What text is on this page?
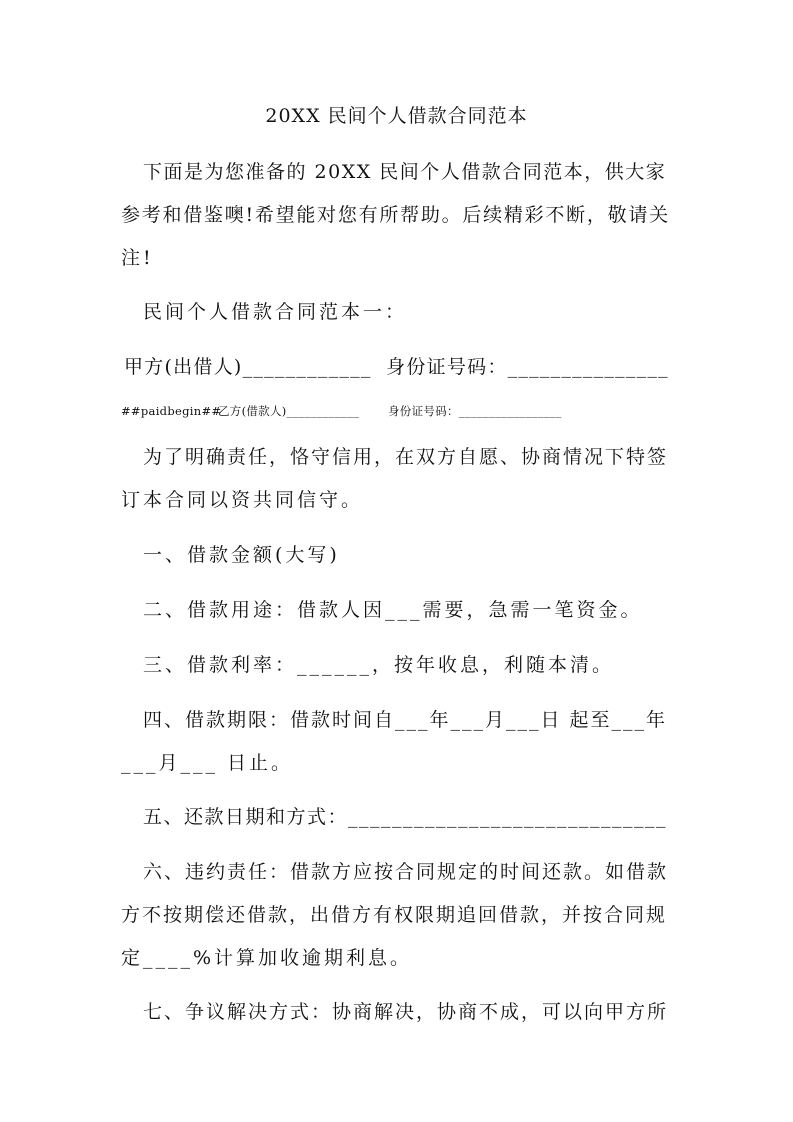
20XX 民间个人借款合同范本
下面是为您准备的 20XX 民间个人借款合同范本，供大家
参考和借鉴噢!希望能对您有所帮助。后续精彩不断，敬请关
注!
民间个人借款合同范本一：
甲方(出借人)____________  身份证号码：_______________
##paidbegin##
乙方(借款人)____________	身份证号码：_________________
为了明确责任，恪守信用，在双方自愿、协商情况下特签
订本合同以资共同信守。
一、借款金额(大写)
二、借款用途：借款人因___需要，急需一笔资金。
三、借款利率：______，按年收息，利随本清。
四、借款期限：借款时间自___年___月___日 起至___年
___月___ 日止。
五、还款日期和方式：_____________________________
六、违约责任：借款方应按合同规定的时间还款。如借款
方不按期偿还借款，出借方有权限期追回借款，并按合同规
定____%计算加收逾期利息。
七、争议解决方式：协商解决，协商不成，可以向甲方所
